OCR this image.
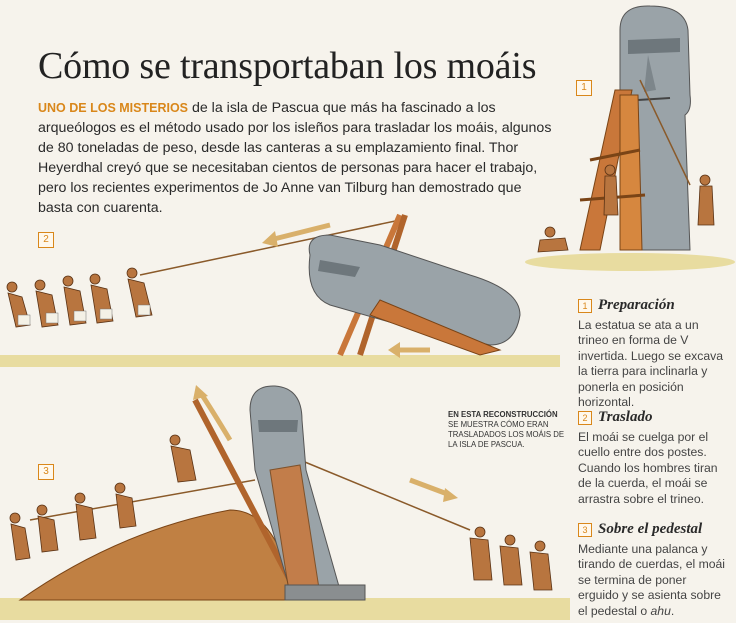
Cómo se transportaban los moáis
UNO DE LOS MISTERIOS de la isla de Pascua que más ha fascinado a los arqueólogos es el método usado por los isleños para trasladar los moáis, algunos de 80 toneladas de peso, desde las canteras a su emplazamiento final. Thor Heyerdhal creyó que se necesitaban cientos de personas para hacer el trabajo, pero los recientes experimentos de Jo Anne van Tilburg han demostrado que basta con cuarenta.
1
2
3
EN ESTA RECONSTRUCCIÓN SE MUESTRA CÓMO ERAN TRASLADADOS LOS MOÁIS DE LA ISLA DE PASCUA.
1 Preparación
La estatua se ata a un trineo en forma de V invertida. Luego se excava la tierra para inclinarla y ponerla en posición horizontal.
2 Traslado
El moái se cuelga por el cuello entre dos postes. Cuando los hombres tiran de la cuerda, el moái se arrastra sobre el trineo.
3 Sobre el pedestal
Mediante una palanca y tirando de cuerdas, el moái se termina de poner erguido y se asienta sobre el pedestal o ahu.
